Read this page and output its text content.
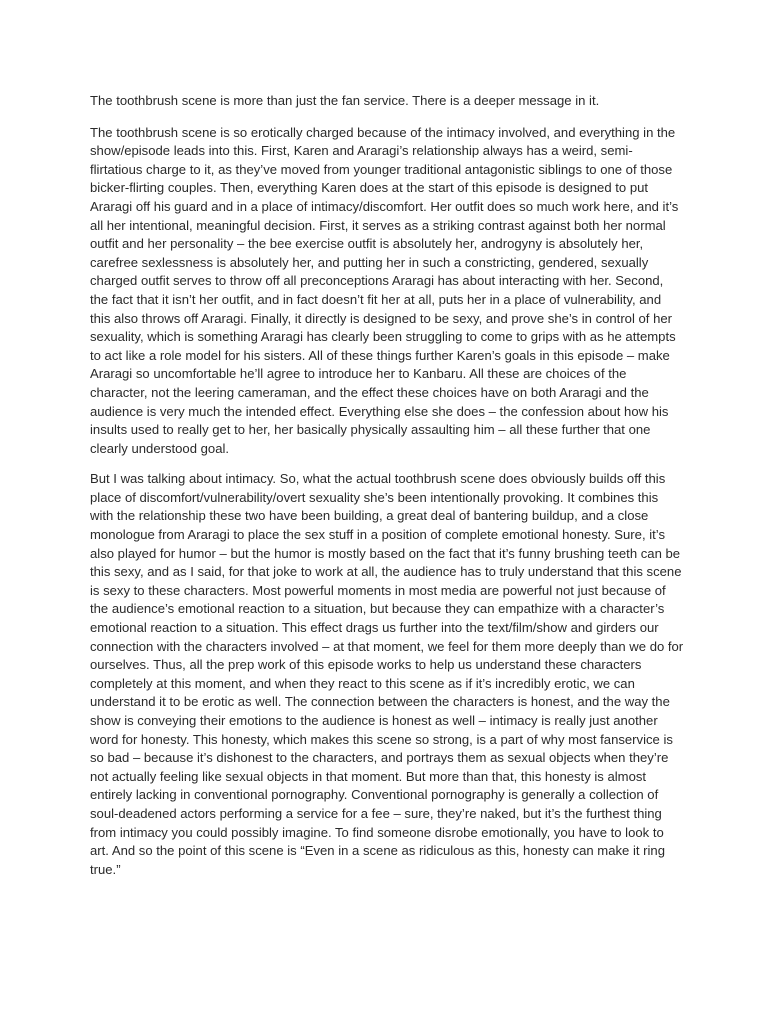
The toothbrush scene is more than just the fan service. There is a deeper message in it.

The toothbrush scene is so erotically charged because of the intimacy involved, and everything in the show/episode leads into this. First, Karen and Araragi’s relationship always has a weird, semi-flirtatious charge to it, as they’ve moved from younger traditional antagonistic siblings to one of those bicker-flirting couples. Then, everything Karen does at the start of this episode is designed to put Araragi off his guard and in a place of intimacy/discomfort. Her outfit does so much work here, and it’s all her intentional, meaningful decision. First, it serves as a striking contrast against both her normal outfit and her personality – the bee exercise outfit is absolutely her, androgyny is absolutely her, carefree sexlessness is absolutely her, and putting her in such a constricting, gendered, sexually charged outfit serves to throw off all preconceptions Araragi has about interacting with her. Second, the fact that it isn’t her outfit, and in fact doesn’t fit her at all, puts her in a place of vulnerability, and this also throws off Araragi. Finally, it directly is designed to be sexy, and prove she’s in control of her sexuality, which is something Araragi has clearly been struggling to come to grips with as he attempts to act like a role model for his sisters. All of these things further Karen’s goals in this episode – make Araragi so uncomfortable he’ll agree to introduce her to Kanbaru. All these are choices of the character, not the leering cameraman, and the effect these choices have on both Araragi and the audience is very much the intended effect. Everything else she does – the confession about how his insults used to really get to her, her basically physically assaulting him – all these further that one clearly understood goal.

But I was talking about intimacy. So, what the actual toothbrush scene does obviously builds off this place of discomfort/vulnerability/overt sexuality she’s been intentionally provoking. It combines this with the relationship these two have been building, a great deal of bantering buildup, and a close monologue from Araragi to place the sex stuff in a position of complete emotional honesty. Sure, it’s also played for humor – but the humor is mostly based on the fact that it’s funny brushing teeth can be this sexy, and as I said, for that joke to work at all, the audience has to truly understand that this scene is sexy to these characters. Most powerful moments in most media are powerful not just because of the audience’s emotional reaction to a situation, but because they can empathize with a character’s emotional reaction to a situation. This effect drags us further into the text/film/show and girders our connection with the characters involved – at that moment, we feel for them more deeply than we do for ourselves. Thus, all the prep work of this episode works to help us understand these characters completely at this moment, and when they react to this scene as if it’s incredibly erotic, we can understand it to be erotic as well. The connection between the characters is honest, and the way the show is conveying their emotions to the audience is honest as well – intimacy is really just another word for honesty. This honesty, which makes this scene so strong, is a part of why most fanservice is so bad – because it’s dishonest to the characters, and portrays them as sexual objects when they’re not actually feeling like sexual objects in that moment. But more than that, this honesty is almost entirely lacking in conventional pornography. Conventional pornography is generally a collection of soul-deadened actors performing a service for a fee – sure, they’re naked, but it’s the furthest thing from intimacy you could possibly imagine. To find someone disrobe emotionally, you have to look to art. And so the point of this scene is “Even in a scene as ridiculous as this, honesty can make it ring true.”
